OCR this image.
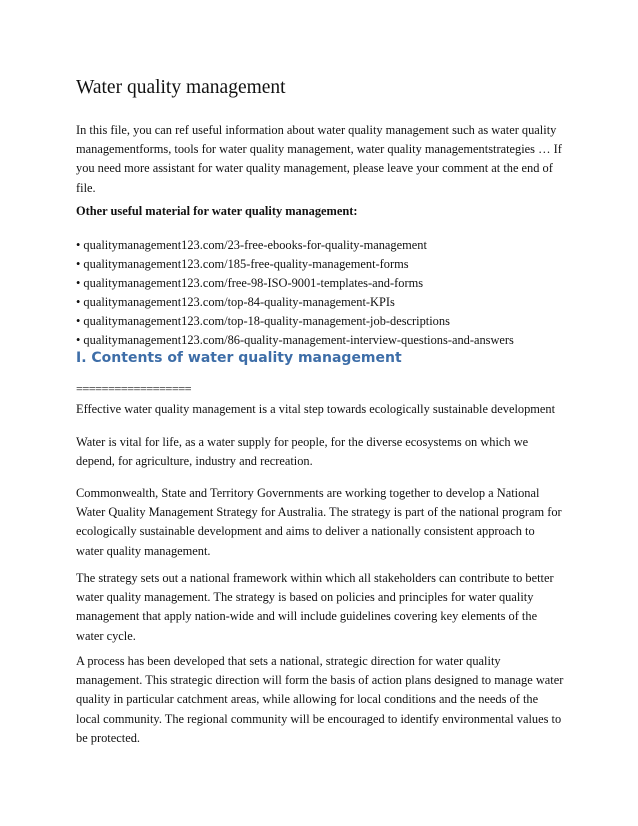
Water quality management

In this file, you can ref useful information about water quality management such as water quality managementforms, tools for water quality management, water quality managementstrategies … If you need more assistant for water quality management, please leave your comment at the end of file.

Other useful material for water quality management:

• qualitymanagement123.com/23-free-ebooks-for-quality-management
• qualitymanagement123.com/185-free-quality-management-forms
• qualitymanagement123.com/free-98-ISO-9001-templates-and-forms
• qualitymanagement123.com/top-84-quality-management-KPIs
• qualitymanagement123.com/top-18-quality-management-job-descriptions
• qualitymanagement123.com/86-quality-management-interview-questions-and-answers
I. Contents of water quality management
==================

Effective water quality management is a vital step towards ecologically sustainable development

Water is vital for life, as a water supply for people, for the diverse ecosystems on which we depend, for agriculture, industry and recreation.

Commonwealth, State and Territory Governments are working together to develop a National Water Quality Management Strategy for Australia. The strategy is part of the national program for ecologically sustainable development and aims to deliver a nationally consistent approach to water quality management.

The strategy sets out a national framework within which all stakeholders can contribute to better water quality management. The strategy is based on policies and principles for water quality management that apply nation-wide and will include guidelines covering key elements of the water cycle.

A process has been developed that sets a national, strategic direction for water quality management. This strategic direction will form the basis of action plans designed to manage water quality in particular catchment areas, while allowing for local conditions and the needs of the local community. The regional community will be encouraged to identify environmental values to be protected.
